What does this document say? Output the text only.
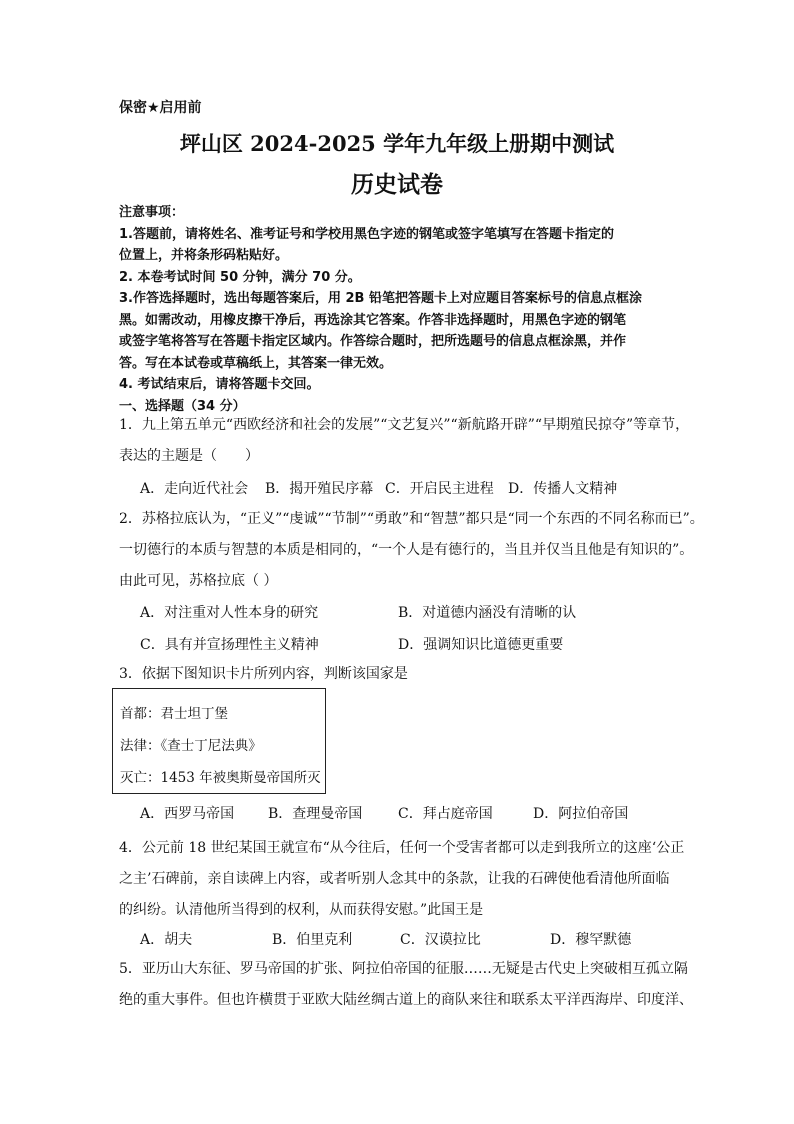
保密★启用前
坪山区 2024-2025 学年九年级上册期中测试
历史试卷
注意事项：
1.答题前，请将姓名、准考证号和学校用黑色字迹的钢笔或签字笔填写在答题卡指定的
位置上，并将条形码粘贴好。
2. 本卷考试时间 50 分钟，满分 70 分。
3.作答选择题时，选出每题答案后，用 2B 铅笔把答题卡上对应题目答案标号的信息点框涂
黑。如需改动，用橡皮擦干净后，再选涂其它答案。作答非选择题时，用黑色字迹的钢笔
或签字笔将答写在答题卡指定区域内。作答综合题时，把所选题号的信息点框涂黑，并作
答。写在本试卷或草稿纸上，其答案一律无效。
4. 考试结束后，请将答题卡交回。
一、选择题（34 分）
1．九上第五单元“西欧经济和社会的发展”“文艺复兴”“新航路开辟”“早期殖民掠夺”等章节，
表达的主题是（　　）
A．走向近代社会 B．揭开殖民序幕 C．开启民主进程 D．传播人文精神
2．苏格拉底认为，“正义”“虔诚”“节制”“勇敢”和“智慧”都只是“同一个东西的不同名称而已”。
一切德行的本质与智慧的本质是相同的，“一个人是有德行的，当且并仅当且他是有知识的”。
由此可见，苏格拉底（ ）
A．对注重对人性本身的研究	B．对道德内涵没有清晰的认
C．具有并宣扬理性主义精神	D．强调知识比道德更重要
3．依据下图知识卡片所列内容，判断该国家是
首都：君士坦丁堡
法律：《查士丁尼法典》
灭亡：1453 年被奥斯曼帝国所灭
A．西罗马帝国 B．查理曼帝国	C．拜占庭帝国	D．阿拉伯帝国
4．公元前 18 世纪某国王就宣布“从今往后，任何一个受害者都可以走到我所立的这座‘公正
之主’石碑前，亲自读碑上内容，或者听别人念其中的条款，让我的石碑使他看清他所面临
的纠纷。认清他所当得到的权利，从而获得安慰。”此国王是
A．胡夫	B．伯里克利	C．汉谟拉比	D．穆罕默德
5．亚历山大东征、罗马帝国的扩张、阿拉伯帝国的征服……无疑是古代史上突破相互孤立隔
绝的重大事件。但也许横贯于亚欧大陆丝绸古道上的商队来往和联系太平洋西海岸、印度洋、
